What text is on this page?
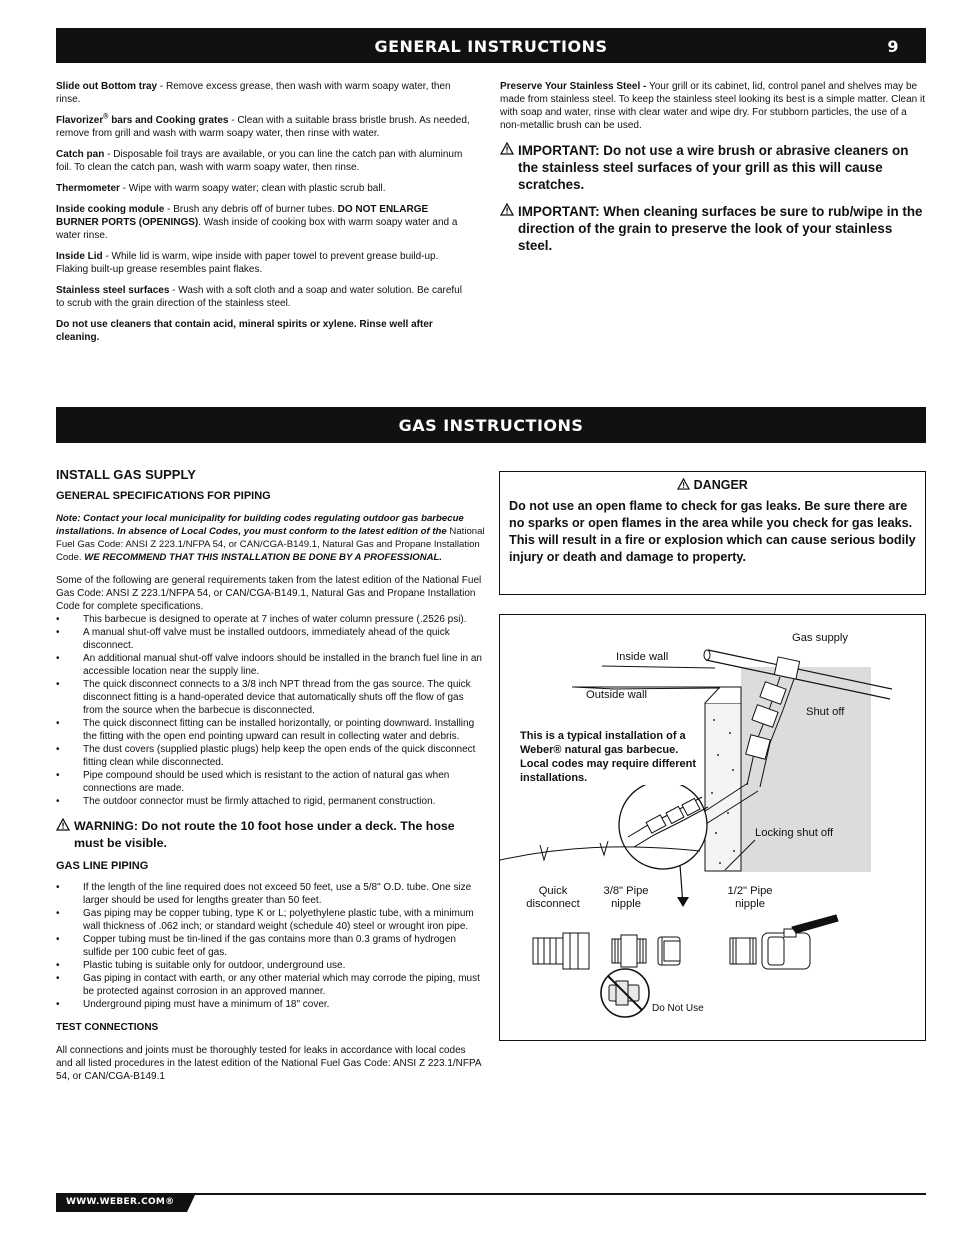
GENERAL INSTRUCTIONS	9
Slide out Bottom tray - Remove excess grease, then wash with warm soapy water, then rinse.
Flavorizer® bars and Cooking grates - Clean with a suitable brass bristle brush. As needed, remove from grill and wash with warm soapy water, then rinse with water.
Catch pan - Disposable foil trays are available, or you can line the catch pan with aluminum foil. To clean the catch pan, wash with warm soapy water, then rinse.
Thermometer - Wipe with warm soapy water; clean with plastic scrub ball.
Inside cooking module - Brush any debris off of burner tubes. DO NOT ENLARGE BURNER PORTS (OPENINGS). Wash inside of cooking box with warm soapy water and a water rinse.
Inside Lid - While lid is warm, wipe inside with paper towel to prevent grease build-up. Flaking built-up grease resembles paint flakes.
Stainless steel surfaces - Wash with a soft cloth and a soap and water solution. Be careful to scrub with the grain direction of the stainless steel.
Do not use cleaners that contain acid, mineral spirits or xylene. Rinse well after cleaning.
Preserve Your Stainless Steel - Your grill or its cabinet, lid, control panel and shelves may be made from stainless steel. To keep the stainless steel looking its best is a simple matter. Clean it with soap and water, rinse with clear water and wipe dry. For stubborn particles, the use of a non-metallic brush can be used.
IMPORTANT: Do not use a wire brush or abrasive cleaners on the stainless steel surfaces of your grill as this will cause scratches.
IMPORTANT: When cleaning surfaces be sure to rub/wipe in the direction of the grain to preserve the look of your stainless steel.
GAS INSTRUCTIONS
INSTALL GAS SUPPLY
GENERAL SPECIFICATIONS FOR PIPING
Note: Contact your local municipality for building codes regulating outdoor gas barbecue installations. In absence of Local Codes, you must conform to the latest edition of the National Fuel Gas Code: ANSI Z 223.1/NFPA 54, or CAN/CGA-B149.1, Natural Gas and Propane Installation Code. WE RECOMMEND THAT THIS INSTALLATION BE DONE BY A PROFESSIONAL.
Some of the following are general requirements taken from the latest edition of the National Fuel Gas Code: ANSI Z 223.1/NFPA 54, or CAN/CGA-B149.1, Natural Gas and Propane Installation Code for complete specifications.
• This barbecue is designed to operate at 7 inches of water column pressure (.2526 psi).
• A manual shut-off valve must be installed outdoors, immediately ahead of the quick disconnect.
• An additional manual shut-off valve indoors should be installed in the branch fuel line in an accessible location near the supply line.
• The quick disconnect connects to a 3/8 inch NPT thread from the gas source. The quick disconnect fitting is a hand-operated device that automatically shuts off the flow of gas from the source when the barbecue is disconnected.
• The quick disconnect fitting can be installed horizontally, or pointing downward. Installing the fitting with the open end pointing upward can result in collecting water and debris.
• The dust covers (supplied plastic plugs) help keep the open ends of the quick disconnect fitting clean while disconnected.
• Pipe compound should be used which is resistant to the action of natural gas when connections are made.
• The outdoor connector must be firmly attached to rigid, permanent construction.
WARNING: Do not route the 10 foot hose under a deck. The hose must be visible.
GAS LINE PIPING
• If the length of the line required does not exceed 50 feet, use a 5/8" O.D. tube. One size larger should be used for lengths greater than 50 feet.
• Gas piping may be copper tubing, type K or L; polyethylene plastic tube, with a minimum wall thickness of .062 inch; or standard weight (schedule 40) steel or wrought iron pipe.
• Copper tubing must be tin-lined if the gas contains more than 0.3 grams of hydrogen sulfide per 100 cubic feet of gas.
• Plastic tubing is suitable only for outdoor, underground use.
• Gas piping in contact with earth, or any other material which may corrode the piping, must be protected against corrosion in an approved manner.
• Underground piping must have a minimum of 18" cover.
TEST CONNECTIONS
All connections and joints must be thoroughly tested for leaks in accordance with local codes and all listed procedures in the latest edition of the National Fuel Gas Code: ANSI Z 223.1/NFPA 54, or CAN/CGA-B149.1
DANGER
Do not use an open flame to check for gas leaks. Be sure there are no sparks or open flames in the area while you check for gas leaks. This will result in a fire or explosion which can cause serious bodily injury or death and damage to property.
Gas supply
Inside wall
Outside wall
Shut off
This is a typical installation of a Weber® natural gas barbecue. Local codes may require different installations.
Locking shut off
Quick disconnect
3/8" Pipe nipple
1/2" Pipe nipple
Do Not Use
WWW.WEBER.COM®
